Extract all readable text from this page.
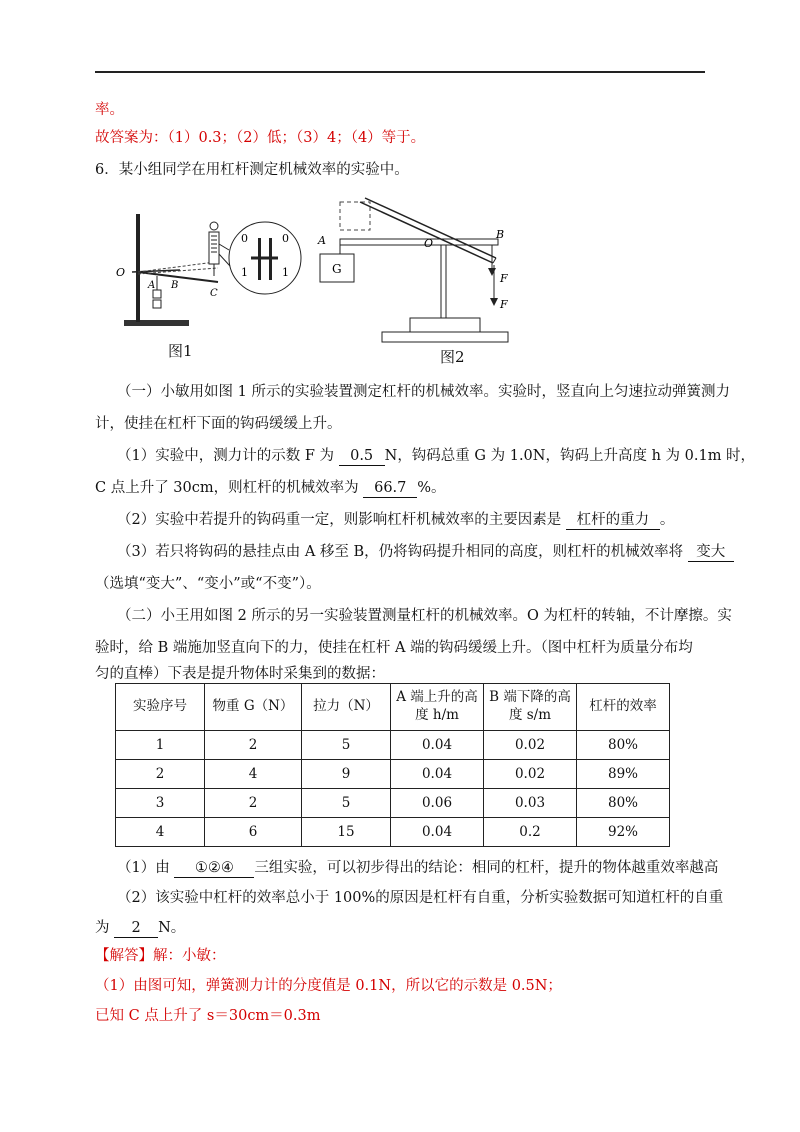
率。
故答案为：（1）0.3；（2）低；（3）4；（4）等于。
6．某小组同学在用杠杆测定机械效率的实验中。
0	0
1	1
O
A B
C
图1
A	B
O
G
F
F
图2
（一）小敏用如图 1 所示的实验装置测定杠杆的机械效率。实验时，竖直向上匀速拉动弹簧测力
计，使挂在杠杆下面的钩码缓缓上升。
（1）实验中，测力计的示数 F 为 0.5 N，钩码总重 G 为 1.0N，钩码上升高度 h 为 0.1m 时，
C 点上升了 30cm，则杠杆的机械效率为 66.7 %。
（2）实验中若提升的钩码重一定，则影响杠杆机械效率的主要因素是 杠杆的重力 。
（3）若只将钩码的悬挂点由 A 移至 B，仍将钩码提升相同的高度，则杠杆的机械效率将 变大
（选填“变大”、“变小”或“不变”）。
（二）小王用如图 2 所示的另一实验装置测量杠杆的机械效率。O 为杠杆的转轴，不计摩擦。实
验时，给 B 端施加竖直向下的力，使挂在杠杆 A 端的钩码缓缓上升。（图中杠杆为质量分布均
匀的直棒）下表是提升物体时采集到的数据：
实验序号	物重 G（N）	拉力（N）	A 端上升的高度 h/m	B 端下降的高度 s/m	杠杆的效率
1	2	5	0.04	0.02	80%
2	4	9	0.04	0.02	89%
3	2	5	0.06	0.03	80%
4	6	15	0.04	0.2	92%
（1）由 ①②④ 三组实验，可以初步得出的结论：相同的杠杆，提升的物体越重效率越高
（2）该实验中杠杆的效率总小于 100%的原因是杠杆有自重，分析实验数据可知道杠杆的自重
为 2 N。
【解答】解：小敏：
（1）由图可知，弹簧测力计的分度值是 0.1N，所以它的示数是 0.5N；
已知 C 点上升了 s＝30cm＝0.3m
